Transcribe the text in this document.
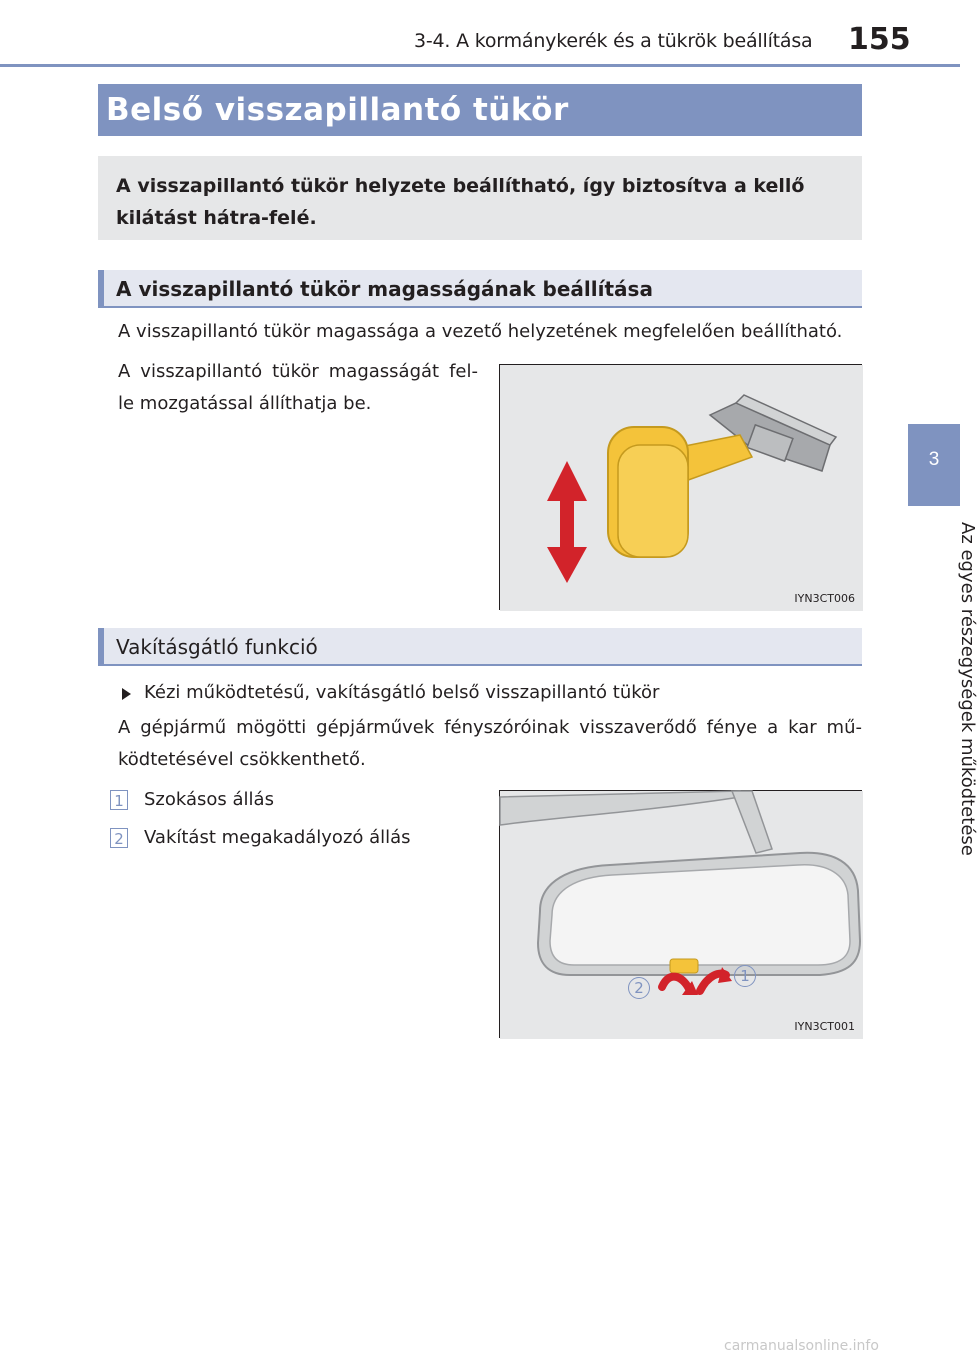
3-4. A kormánykerék és a tükrök beállítása 155
3
Az egyes részegységek működtetése
Belső visszapillantó tükör
A visszapillantó tükör helyzete beállítható, így biztosítva a kellő kilátást hátra-felé.
A visszapillantó tükör magasságának beállítása
A visszapillantó tükör magassága a vezető helyzetének megfelelően beállítható.
A visszapillantó tükör magasságát fel-
le mozgatással állíthatja be.
IYN3CT006
Vakításgátló funkció
Kézi működtetésű, vakításgátló belső visszapillantó tükör
A gépjármű mögötti gépjárművek fényszóróinak visszaverődő fénye a kar mű-
ködtetésével csökkenthető.
1 Szokásos állás
2 Vakítást megakadályozó állás
2
1
IYN3CT001
carmanualsonline.info
